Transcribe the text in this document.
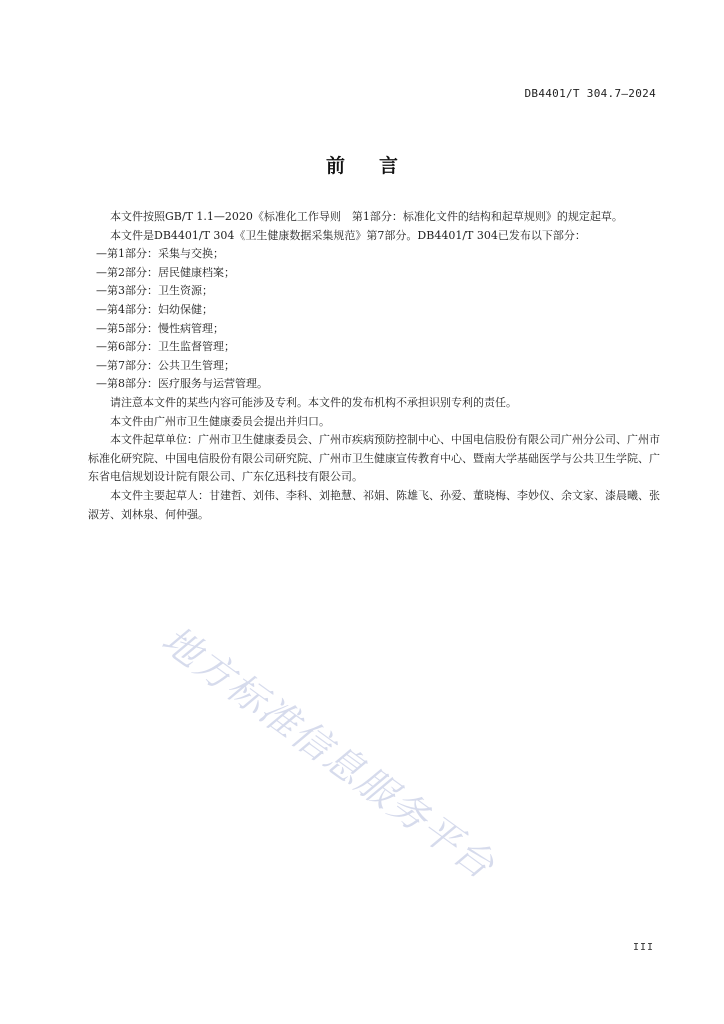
DB4401/T 304.7—2024
前 言

本文件按照GB/T 1.1—2020《标准化工作导则　第1部分：标准化文件的结构和起草规则》的规定起草。

本文件是DB4401/T 304《卫生健康数据采集规范》第7部分。DB4401/T 304已发布以下部分：

—第1部分：采集与交换；
—第2部分：居民健康档案；
—第3部分：卫生资源；
—第4部分：妇幼保健；
—第5部分：慢性病管理；
—第6部分：卫生监督管理；
—第7部分：公共卫生管理；
—第8部分：医疗服务与运营管理。

请注意本文件的某些内容可能涉及专利。本文件的发布机构不承担识别专利的责任。

本文件由广州市卫生健康委员会提出并归口。

本文件起草单位：广州市卫生健康委员会、广州市疾病预防控制中心、中国电信股份有限公司广州分公司、广州市标准化研究院、中国电信股份有限公司研究院、广州市卫生健康宣传教育中心、暨南大学基础医学与公共卫生学院、广东省电信规划设计院有限公司、广东亿迅科技有限公司。

本文件主要起草人：甘建哲、刘伟、李科、刘艳慧、祁娟、陈雄飞、孙爱、董晓梅、李妙仪、余文家、漆晨曦、张淑芳、刘林泉、何仲强。

地方标准信息服务平台
III
